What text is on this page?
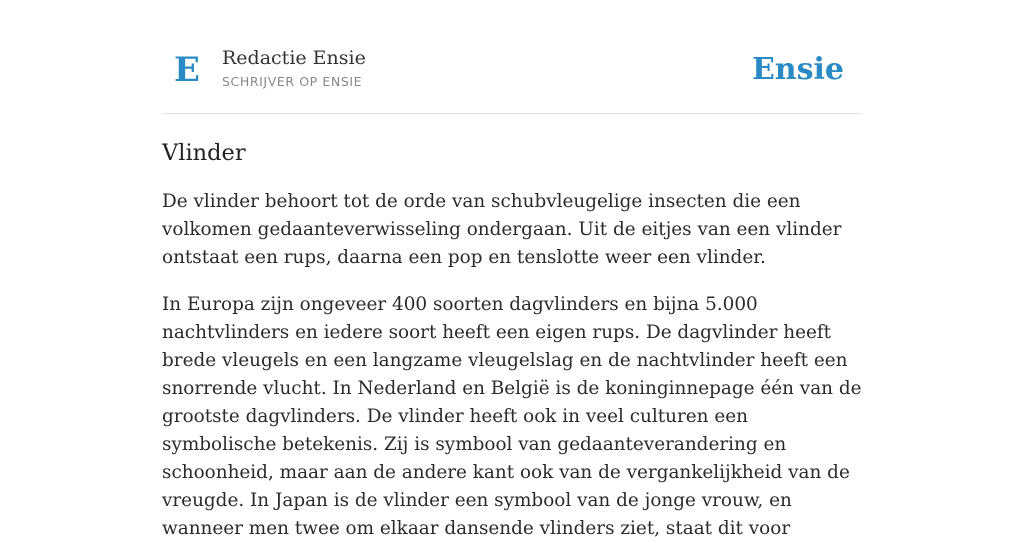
E Redactie Ensie
SCHRIJVER OP ENSIE	Ensie
Vlinder

De vlinder behoort tot de orde van schubvleugelige insecten die een volkomen gedaanteverwisseling ondergaan. Uit de eitjes van een vlinder ontstaat een rups, daarna een pop en tenslotte weer een vlinder.

In Europa zijn ongeveer 400 soorten dagvlinders en bijna 5.000 nachtvlinders en iedere soort heeft een eigen rups. De dagvlinder heeft brede vleugels en een langzame vleugelslag en de nachtvlinder heeft een snorrende vlucht. In Nederland en België is de koninginnepage één van de grootste dagvlinders. De vlinder heeft ook in veel culturen een symbolische betekenis. Zij is symbool van gedaanteverandering en schoonheid, maar aan de andere kant ook van de vergankelijkheid van de vreugde. In Japan is de vlinder een symbool van de jonge vrouw, en wanneer men twee om elkaar dansende vlinders ziet, staat dit voor
